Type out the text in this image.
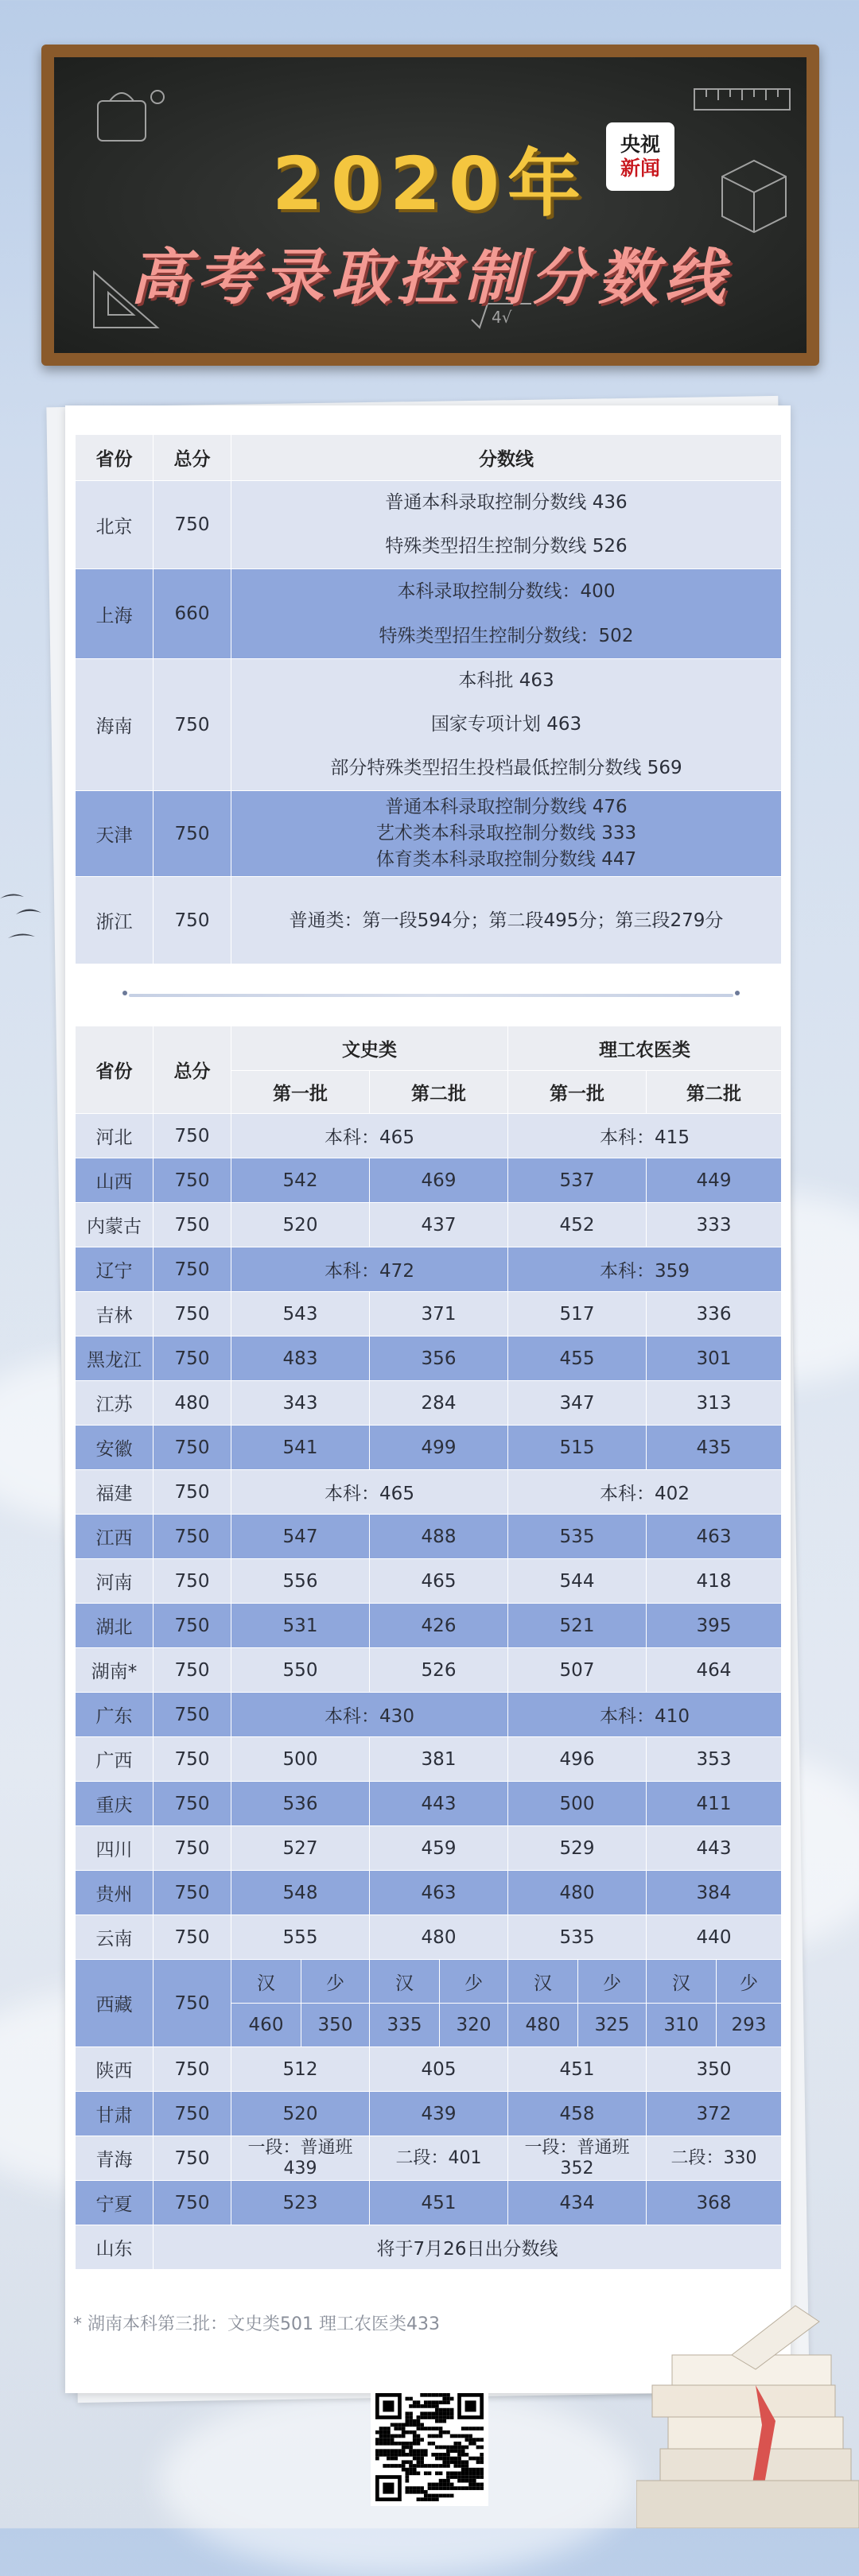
4√
2020年
高考录取控制分数线
央视
新闻
省份	总分	分数线
北京	750	普通本科录取控制分数线 436
特殊类型招生控制分数线 526

上海	660	本科录取控制分数线：400
特殊类型招生控制分数线：502

海南	750	本科批 463
国家专项计划 463
部分特殊类型招生投档最低控制分数线 569

天津	750	普通本科录取控制分数线 476
艺术类本科录取控制分数线 333
体育类本科录取控制分数线 447

浙江	750	普通类：第一段594分；第二段495分；第三段279分
省份	总分	文史类				理工农医类			
		第一批		第二批		第一批		第二批	
河北	750	本科：465				本科：415			
山西	750	542		469		537		449	
内蒙古	750	520		437		452		333	
辽宁	750	本科：472				本科：359			
吉林	750	543		371		517		336	
黑龙江	750	483		356		455		301	
江苏	480	343		284		347		313	
安徽	750	541		499		515		435	
福建	750	本科：465				本科：402			
江西	750	547		488		535		463	
河南	750	556		465		544		418	
湖北	750	531		426		521		395	
湖南*	750	550		526		507		464	
广东	750	本科：430				本科：410			
广西	750	500		381		496		353	
重庆	750	536		443		500		411	
四川	750	527		459		529		443	
贵州	750	548		463		480		384	
云南	750	555		480		535		440	
西藏	750	汉	少	汉	少	汉	少	汉	少
		460	350	335	320	480	325	310	293
陕西	750	512		405		451		350	
甘肃	750	520		439		458		372	
青海	750	一段：普通班 439		二段：401		一段：普通班 352		二段：330	
宁夏	750	523		451		434		368	
山东	将于7月26日出分数线								
* 湖南本科第三批：文史类501 理工农医类433
